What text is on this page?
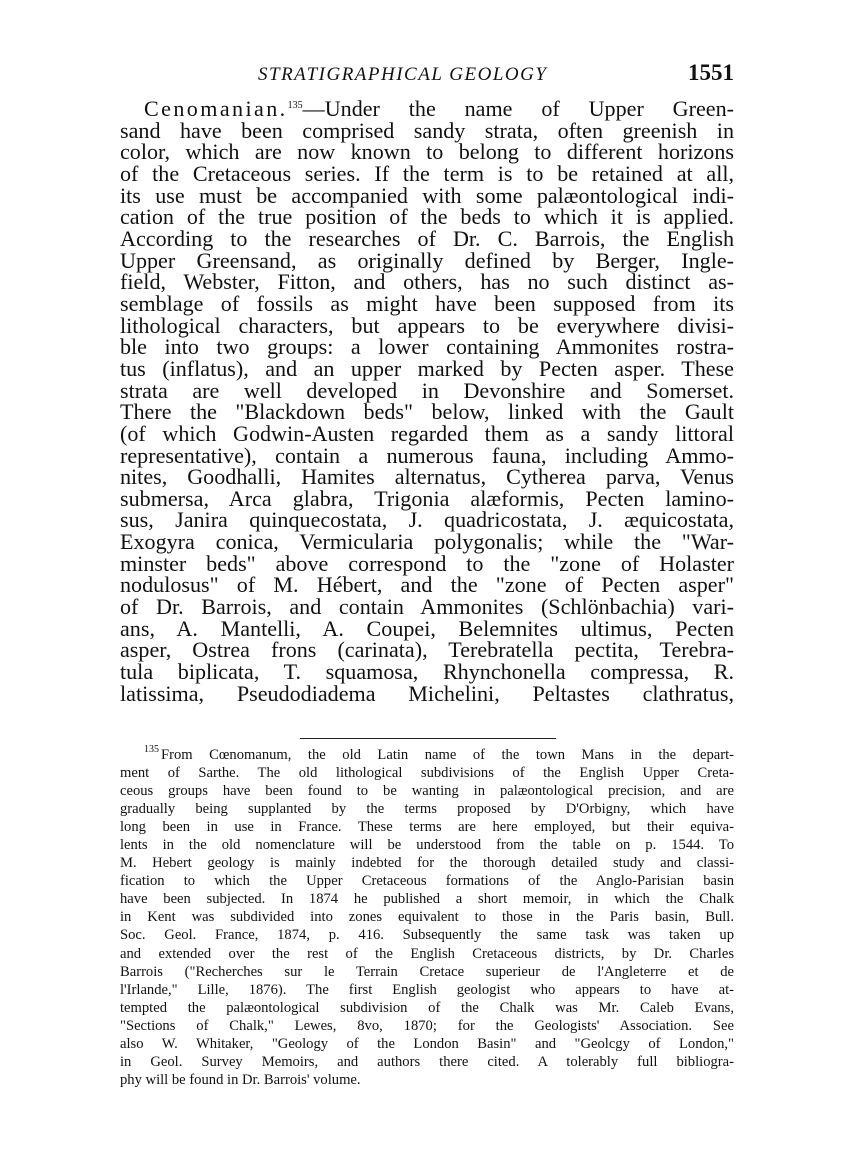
STRATIGRAPHICAL GEOLOGY	1551
Cenomanian.$^{135}$—Under the name of Upper Green-
sand have been comprised sandy strata, often greenish in
color, which are now known to belong to different horizons
of the Cretaceous series. If the term is to be retained at all,
its use must be accompanied with some palæontological indi-
cation of the true position of the beds to which it is applied.
According to the researches of Dr. C. Barrois, the English
Upper Greensand, as originally defined by Berger, Ingle-
field, Webster, Fitton, and others, has no such distinct as-
semblage of fossils as might have been supposed from its
lithological characters, but appears to be everywhere divisi-
ble into two groups: a lower containing Ammonites rostra-
tus (inflatus), and an upper marked by Pecten asper. These
strata are well developed in Devonshire and Somerset.
There the "Blackdown beds" below, linked with the Gault
(of which Godwin-Austen regarded them as a sandy littoral
representative), contain a numerous fauna, including Ammo-
nites, Goodhalli, Hamites alternatus, Cytherea parva, Venus
submersa, Arca glabra, Trigonia alæformis, Pecten lamino-
sus, Janira quinquecostata, J. quadricostata, J. æquicostata,
Exogyra conica, Vermicularia polygonalis; while the "War-
minster beds" above correspond to the "zone of Holaster
nodulosus" of M. Hébert, and the "zone of Pecten asper"
of Dr. Barrois, and contain Ammonites (Schlönbachia) vari-
ans, A. Mantelli, A. Coupei, Belemnites ultimus, Pecten
asper, Ostrea frons (carinata), Terebratella pectita, Terebra-
tula biplicata, T. squamosa, Rhynchonella compressa, R.
latissima, Pseudodiadema Michelini, Peltastes clathratus,
$^{135}$ From Cœnomanum, the old Latin name of the town Mans in the depart-
ment of Sarthe. The old lithological subdivisions of the English Upper Creta-
ceous groups have been found to be wanting in palæontological precision, and are
gradually being supplanted by the terms proposed by D'Orbigny, which have
long been in use in France. These terms are here employed, but their equiva-
lents in the old nomenclature will be understood from the table on p. 1544. To
M. Hebert geology is mainly indebted for the thorough detailed study and classi-
fication to which the Upper Cretaceous formations of the Anglo-Parisian basin
have been subjected. In 1874 he published a short memoir, in which the Chalk
in Kent was subdivided into zones equivalent to those in the Paris basin, Bull.
Soc. Geol. France, 1874, p. 416. Subsequently the same task was taken up
and extended over the rest of the English Cretaceous districts, by Dr. Charles
Barrois ("Recherches sur le Terrain Cretace superieur de l'Angleterre et de
l'Irlande," Lille, 1876). The first English geologist who appears to have at-
tempted the palæontological subdivision of the Chalk was Mr. Caleb Evans,
"Sections of Chalk," Lewes, 8vo, 1870; for the Geologists' Association. See
also W. Whitaker, "Geology of the London Basin" and "Geolcgy of London,"
in Geol. Survey Memoirs, and authors there cited. A tolerably full bibliogra-
phy will be found in Dr. Barrois' volume.
